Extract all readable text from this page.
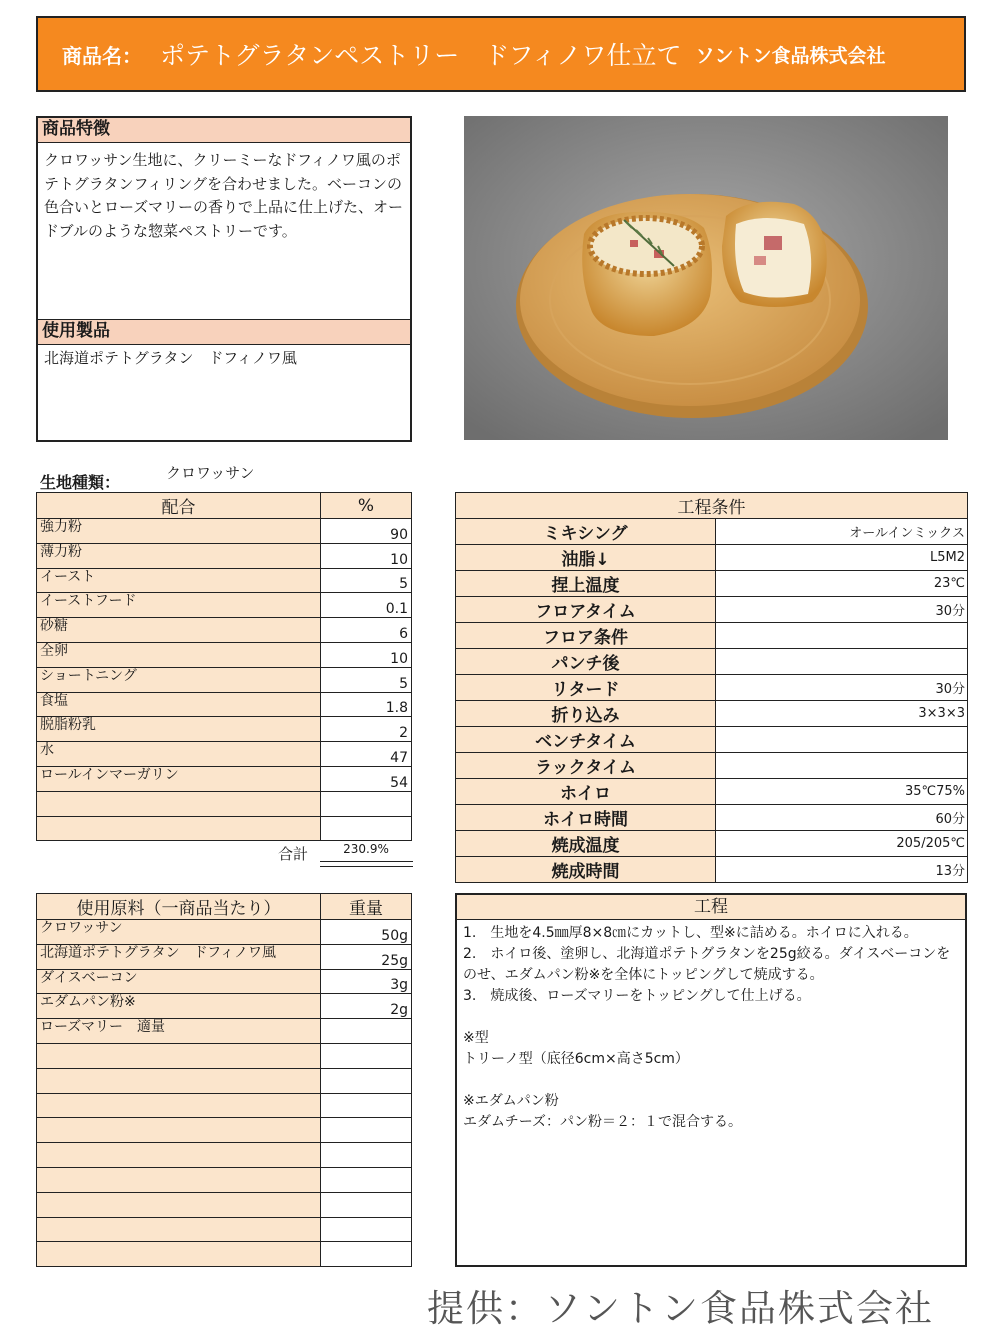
商品名： ポテトグラタンペストリー　ドフィノワ仕立て ソントン食品株式会社
商品特徴
クロワッサン生地に、クリーミーなドフィノワ風のポテトグラタンフィリングを合わせました。ベーコンの色合いとローズマリーの香りで上品に仕上げた、オードブルのような惣菜ペストリーです。
使用製品
北海道ポテトグラタン　ドフィノワ風
生地種類：	クロワッサン
配合	%
強力粉	90
薄力粉	10
イースト	5
イーストフード	0.1
砂糖	6
全卵	10
ショートニング	5
食塩	1.8
脱脂粉乳	2
水	47
ロールインマーガリン	54

合計	230.9%
工程条件	
ミキシング	オールインミックス
油脂↓	L5M2
捏上温度	23℃
フロアタイム	30分
フロア条件	
パンチ後	
リタード	30分
折り込み	3×3×3
ベンチタイム	
ラックタイム	
ホイロ	35℃75%
ホイロ時間	60分
焼成温度	205/205℃
焼成時間	13分
使用原料（一商品当たり）	重量
クロワッサン	50g
北海道ポテトグラタン　ドフィノワ風	25g
ダイスベーコン	3g
エダムパン粉※	2g
ローズマリー　適量	

工程
1.　生地を4.5㎜厚8×8㎝にカットし、型※に詰める。ホイロに入れる。
2.　ホイロ後、塗卵し、北海道ポテトグラタンを25g絞る。ダイスベーコンをのせ、エダムパン粉※を全体にトッピングして焼成する。
3.　焼成後、ローズマリーをトッピングして仕上げる。

※型
トリーノ型（底径6cm×高さ5cm）

※エダムパン粉
エダムチーズ：パン粉＝２：１で混合する。
提供：ソントン食品株式会社
